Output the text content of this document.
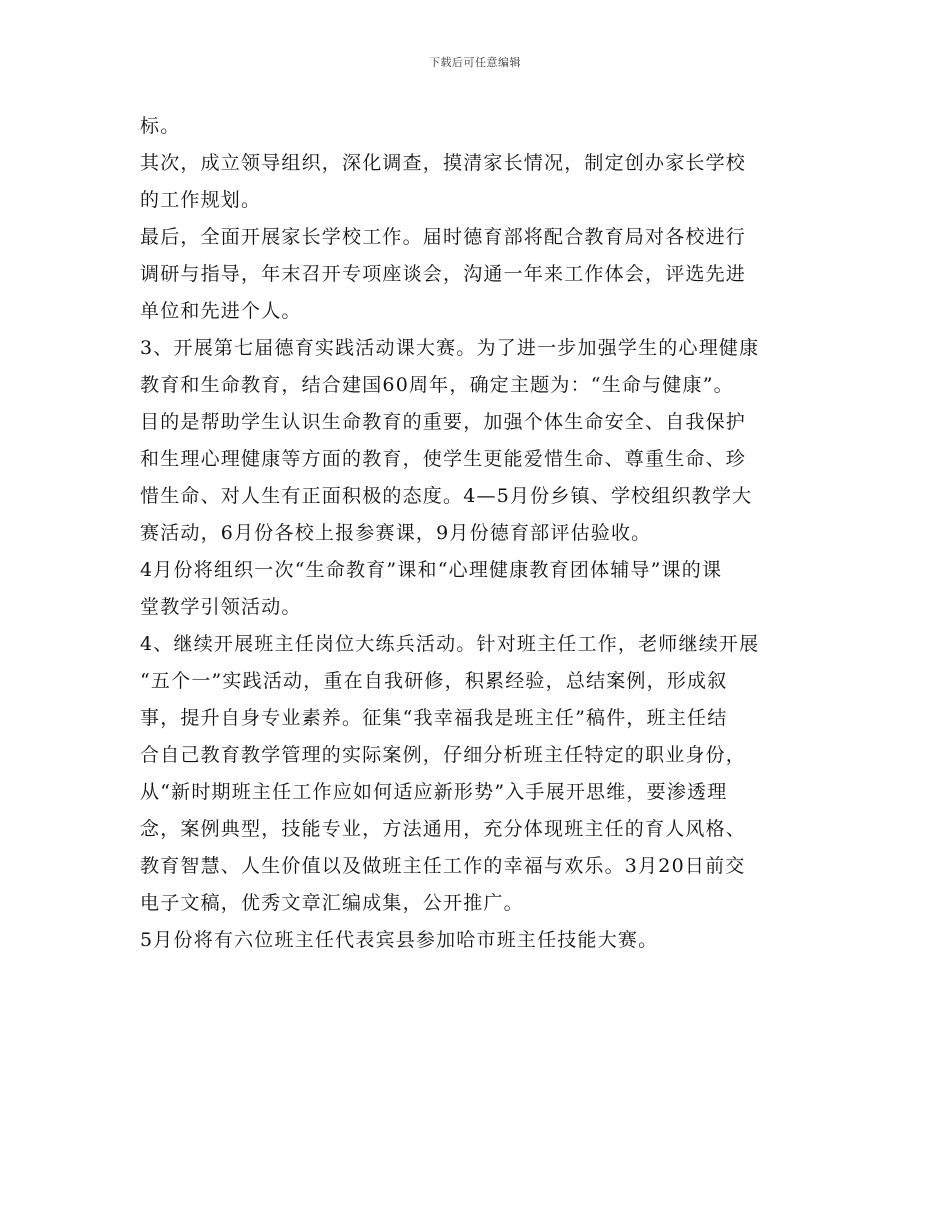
下载后可任意编辑
标。
其次，成立领导组织，深化调查，摸清家长情况，制定创办家长学校
的工作规划。
最后，全面开展家长学校工作。届时德育部将配合教育局对各校进行
调研与指导，年末召开专项座谈会，沟通一年来工作体会，评选先进
单位和先进个人。
3、开展第七届德育实践活动课大赛。为了进一步加强学生的心理健康
教育和生命教育，结合建国60周年，确定主题为：“生命与健康”。
目的是帮助学生认识生命教育的重要，加强个体生命安全、自我保护
和生理心理健康等方面的教育，使学生更能爱惜生命、尊重生命、珍
惜生命、对人生有正面积极的态度。4—5月份乡镇、学校组织教学大
赛活动，6月份各校上报参赛课，9月份德育部评估验收。
4月份将组织一次“生命教育”课和“心理健康教育团体辅导”课的课
堂教学引领活动。
4、继续开展班主任岗位大练兵活动。针对班主任工作，老师继续开展
“五个一”实践活动，重在自我研修，积累经验，总结案例，形成叙
事，提升自身专业素养。征集“我幸福我是班主任”稿件，班主任结
合自己教育教学管理的实际案例，仔细分析班主任特定的职业身份，
从“新时期班主任工作应如何适应新形势”入手展开思维，要渗透理
念，案例典型，技能专业，方法通用，充分体现班主任的育人风格、
教育智慧、人生价值以及做班主任工作的幸福与欢乐。3月20日前交
电子文稿，优秀文章汇编成集，公开推广。
5月份将有六位班主任代表宾县参加哈市班主任技能大赛。
